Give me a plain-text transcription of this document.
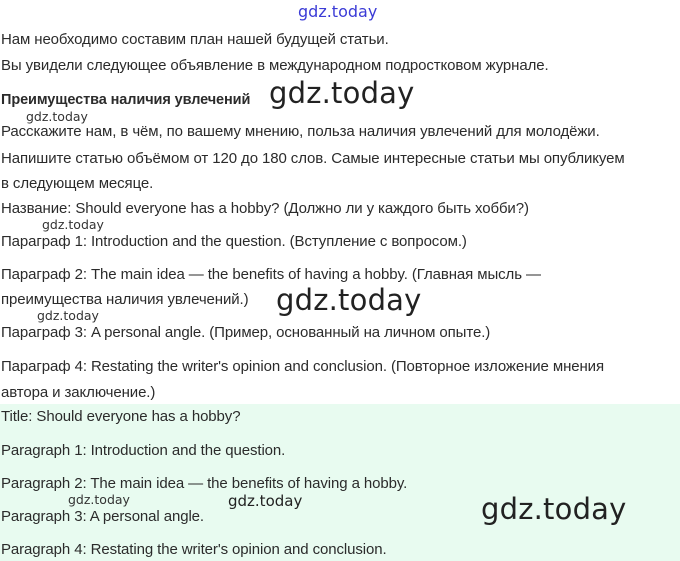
gdz.today

Нам необходимо составим план нашей будущей статьи.

Вы увидели следующее объявление в международном подростковом журнале.

Преимущества наличия увлечений

Расскажите нам, в чём, по вашему мнению, польза наличия увлечений для молодёжи.

Напишите статью объёмом от 120 до 180 слов. Самые интересные статьи мы опубликуем

в следующем месяце.

Название: Should everyone has a hobby? (Должно ли у каждого быть хобби?)

Параграф 1: Introduction and the question. (Вступление с вопросом.)

Параграф 2: The main idea — the benefits of having a hobby. (Главная мысль —

преимущества наличия увлечений.)

Параграф 3: A personal angle. (Пример, основанный на личном опыте.)

Параграф 4: Restating the writer's opinion and conclusion. (Повторное изложение мнения

автора и заключение.)

Title: Should everyone has a hobby?

Paragraph 1: Introduction and the question.

Paragraph 2: The main idea — the benefits of having a hobby.

Paragraph 3: A personal angle.

Paragraph 4: Restating the writer's opinion and conclusion.

gdz.today
gdz.today
gdz.today
gdz.today
gdz.today
gdz.today	gdz.today	gdz.today
